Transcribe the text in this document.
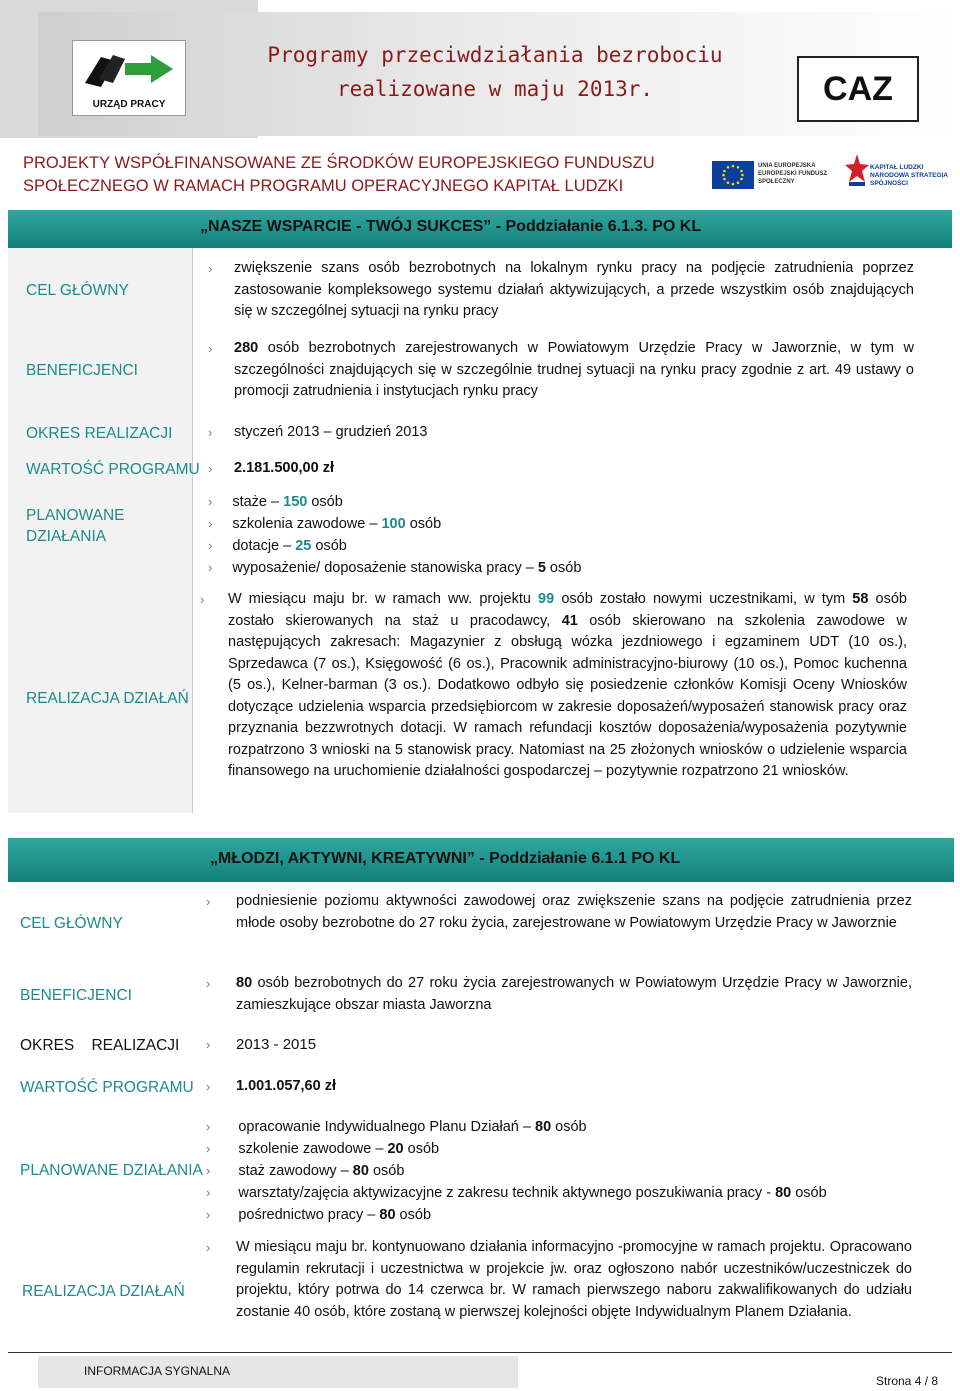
URZĄD PRACY
Programy przeciwdziałania bezrobociu
realizowane w maju 2013r.	CAZ
PROJEKTY WSPÓŁFINANSOWANE ZE ŚRODKÓW EUROPEJSKIEGO FUNDUSZU
SPOŁECZNEGO W RAMACH PROGRAMU OPERACYJNEGO KAPITAŁ LUDZKI
UNIA EUROPEJSKA EUROPEJSKI FUNDUSZ SPOŁECZNY
KAPITAŁ LUDZKI NARODOWA STRATEGIA SPÓJNOŚCI
„NASZE WSPARCIE - TWÓJ SUKCES” - Poddziałanie 6.1.3. PO KL
CEL GŁÓWNY
BENEFICJENCI
OKRES REALIZACJI
WARTOŚĆ PROGRAMU
PLANOWANE
DZIAŁANIA
REALIZACJA DZIAŁAŃ
› zwiększenie szans osób bezrobotnych na lokalnym rynku pracy na podjęcie zatrudnienia poprzez zastosowanie kompleksowego systemu działań aktywizujących, a przede wszystkim osób znajdujących się w szczególnej sytuacji na rynku pracy
› 280 osób bezrobotnych zarejestrowanych w Powiatowym Urzędzie Pracy w Jaworznie, w tym w szczególności znajdujących się w szczególnie trudnej sytuacji na rynku pracy zgodnie z art. 49 ustawy o promocji zatrudnienia i instytucjach rynku pracy
› styczeń 2013 – grudzień 2013
› 2.181.500,00 zł
› staże – 150 osób
› szkolenia zawodowe – 100 osób
› dotacje – 25 osób
› wyposażenie/ doposażenie stanowiska pracy – 5 osób
› W miesiącu maju br. w ramach ww. projektu 99 osób zostało nowymi uczestnikami, w tym 58 osób zostało skierowanych na staż u pracodawcy, 41 osób skierowano na szkolenia zawodowe w następujących zakresach: Magazynier z obsługą wózka jezdniowego i egzaminem UDT (10 os.), Sprzedawca (7 os.), Księgowość (6 os.), Pracownik administracyjno-biurowy (10 os.), Pomoc kuchenna (5 os.), Kelner-barman (3 os.). Dodatkowo odbyło się posiedzenie członków Komisji Oceny Wniosków dotyczące udzielenia wsparcia przedsiębiorcom w zakresie doposażeń/wyposażeń stanowisk pracy oraz przyznania bezzwrotnych dotacji. W ramach refundacji kosztów doposażenia/wyposażenia pozytywnie rozpatrzono 3 wnioski na 5 stanowisk pracy. Natomiast na 25 złożonych wniosków o udzielenie wsparcia finansowego na uruchomienie działalności gospodarczej – pozytywnie rozpatrzono 21 wniosków.
„MŁODZI, AKTYWNI, KREATYWNI” - Poddziałanie 6.1.1 PO KL
CEL GŁÓWNY
BENEFICJENCI
OKRES    REALIZACJI
WARTOŚĆ PROGRAMU
PLANOWANE DZIAŁANIA
REALIZACJA DZIAŁAŃ
› podniesienie poziomu aktywności zawodowej oraz zwiększenie szans na podjęcie zatrudnienia przez młode osoby bezrobotne do 27 roku życia, zarejestrowane w Powiatowym Urzędzie Pracy w Jaworznie
› 80 osób bezrobotnych do 27 roku życia zarejestrowanych w Powiatowym Urzędzie Pracy w Jaworznie, zamieszkujące obszar miasta Jaworzna
› 2013 - 2015
› 1.001.057,60 zł
› opracowanie Indywidualnego Planu Działań – 80 osób
› szkolenie zawodowe – 20 osób
› staż zawodowy – 80 osób
› warsztaty/zajęcia aktywizacyjne z zakresu technik aktywnego poszukiwania pracy - 80 osób
› pośrednictwo pracy – 80 osób
› W miesiącu maju br. kontynuowano działania informacyjno -promocyjne w ramach projektu. Opracowano regulamin rekrutacji i uczestnictwa w projekcie jw. oraz ogłoszono nabór uczestników/uczestniczek do projektu, który potrwa do 14 czerwca br. W ramach pierwszego naboru zakwalifikowanych do udziału zostanie 40 osób, które zostaną w pierwszej kolejności objęte Indywidualnym Planem Działania.
INFORMACJA SYGNALNA
Strona 4 / 8
